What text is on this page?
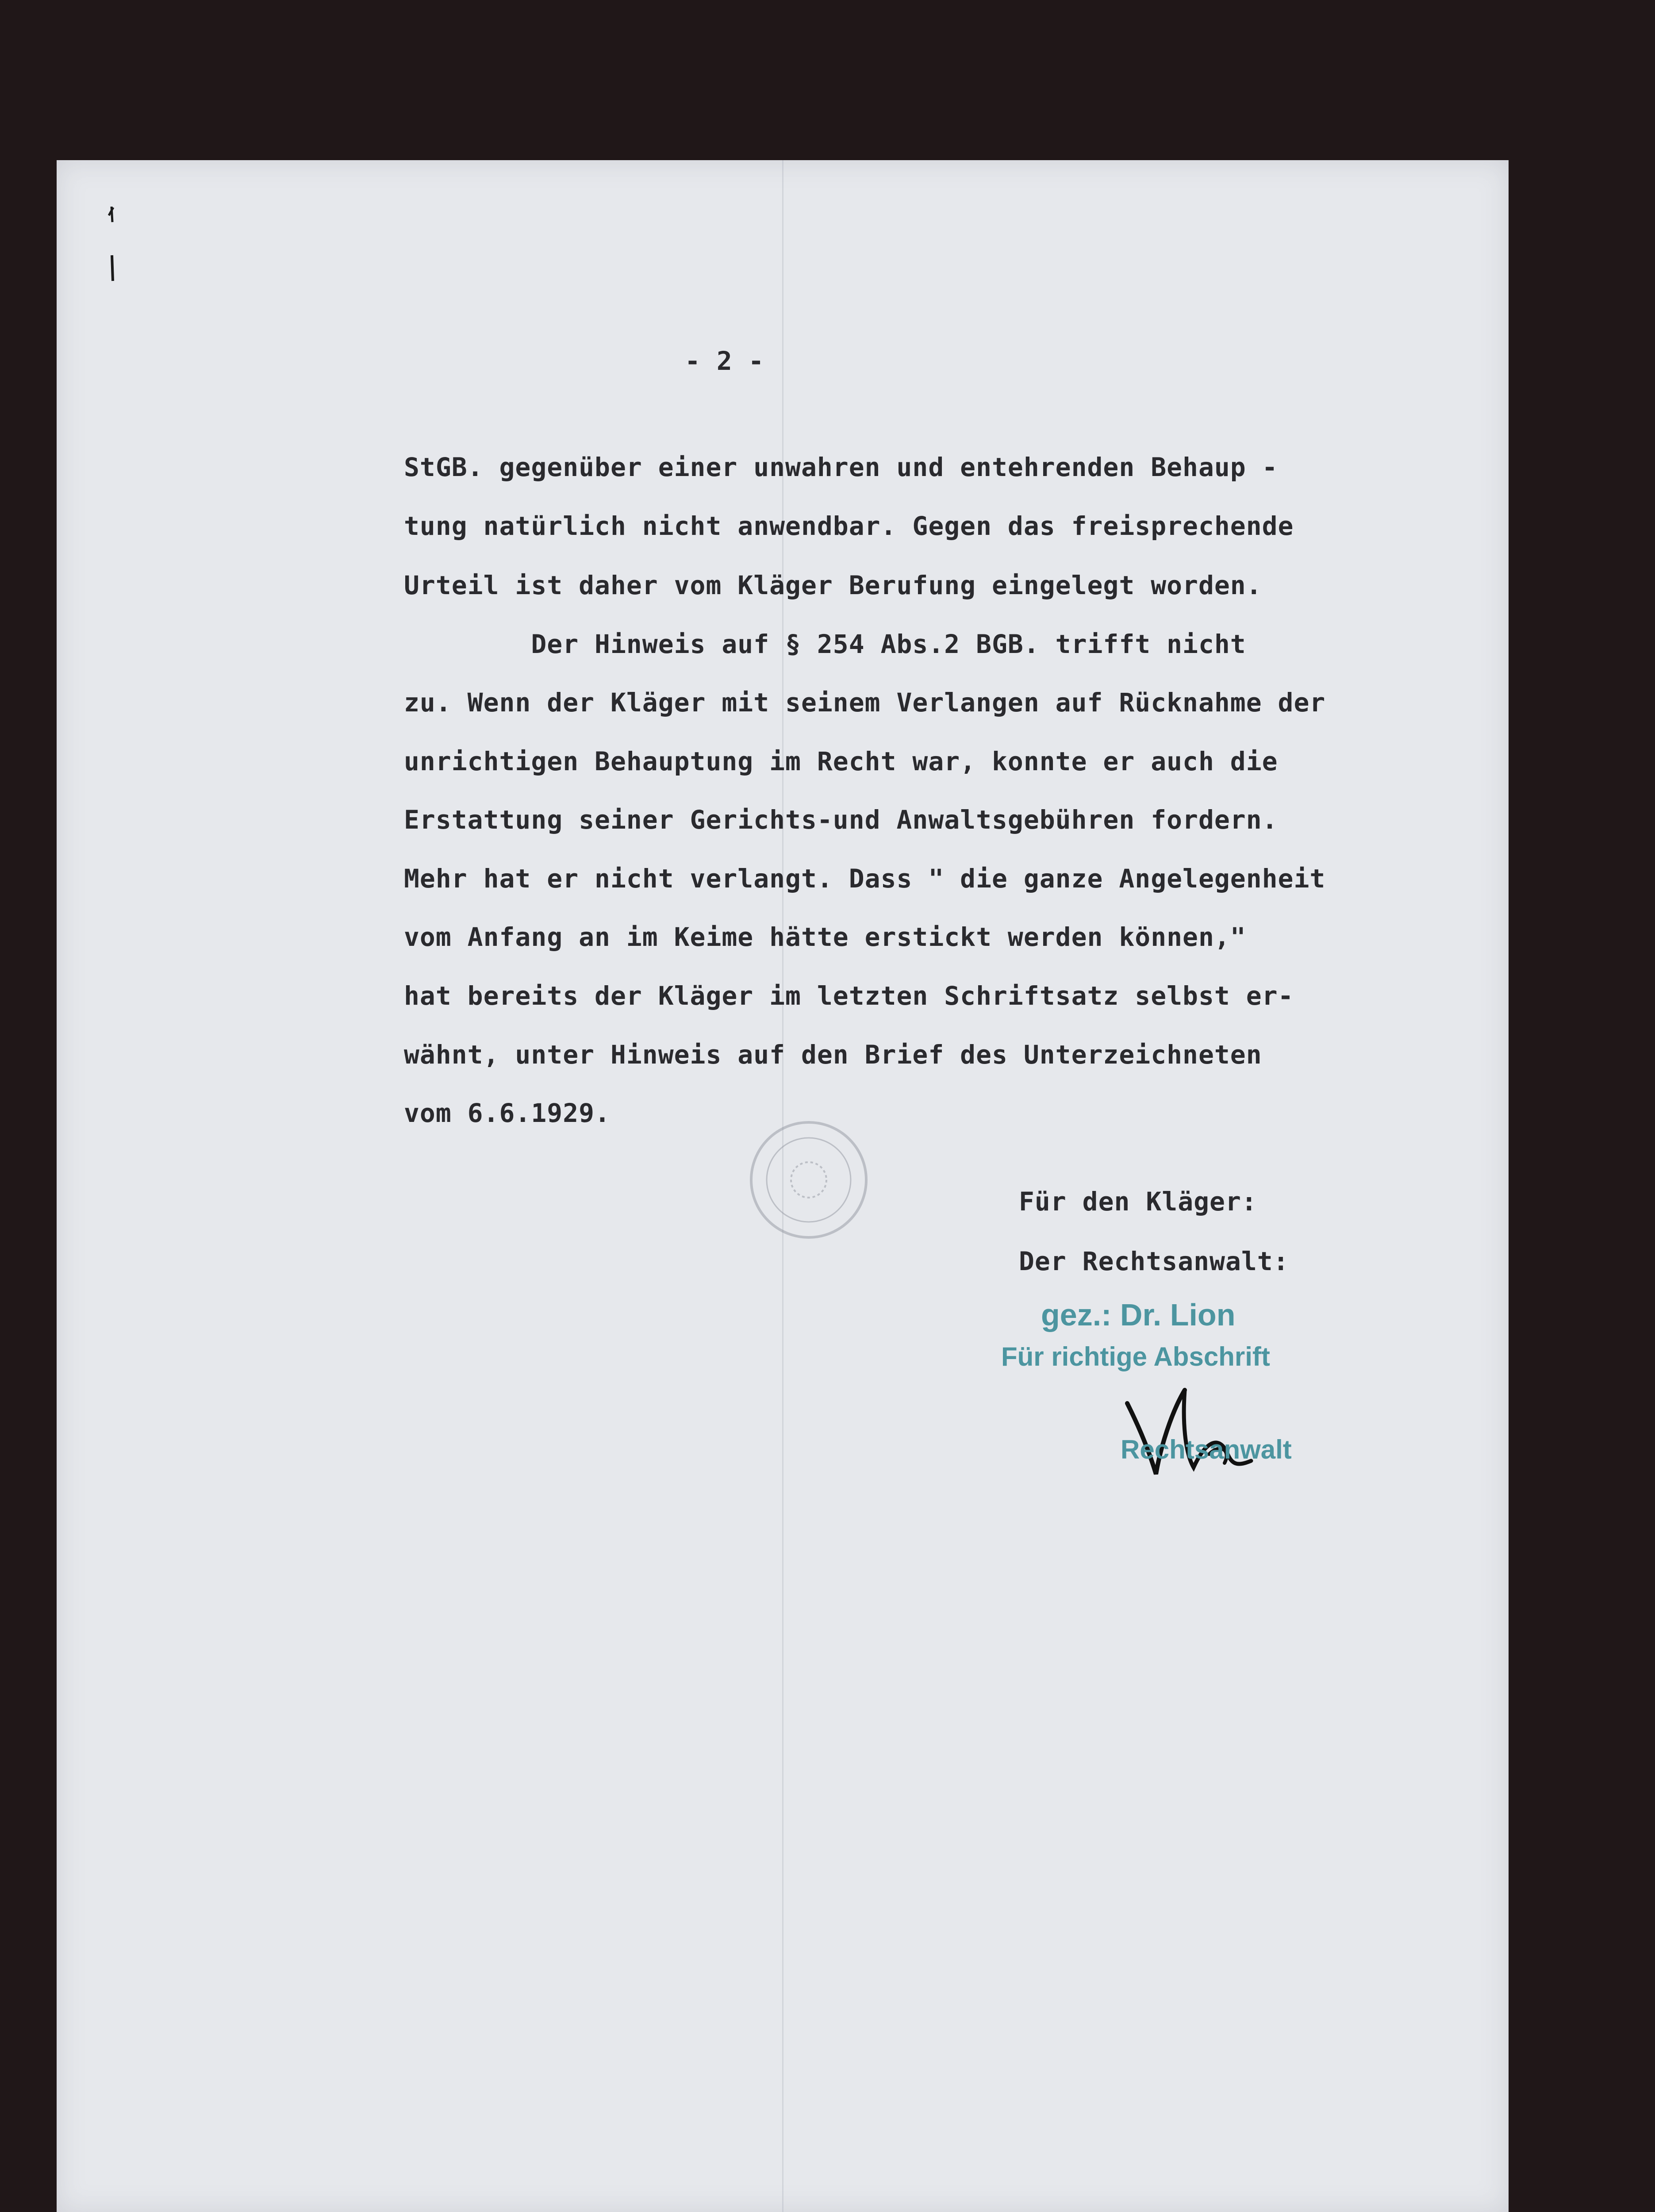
- 2 -
StGB. gegenüber einer unwahren und entehrenden Behaup -
tung natürlich nicht anwendbar. Gegen das freisprechende
Urteil ist daher vom Kläger Berufung eingelegt worden.
Der Hinweis auf § 254 Abs.2 BGB. trifft nicht
zu. Wenn der Kläger mit seinem Verlangen auf Rücknahme der
unrichtigen Behauptung im Recht war, konnte er auch die
Erstattung seiner Gerichts-und Anwaltsgebühren fordern.
Mehr hat er nicht verlangt. Dass " die ganze Angelegenheit
vom Anfang an im Keime hätte erstickt werden können,"
hat bereits der Kläger im letzten Schriftsatz selbst er-
wähnt, unter Hinweis auf den Brief des Unterzeichneten
vom 6.6.1929.
Für den Kläger:
Der Rechtsanwalt:
gez.: Dr. Lion
Für richtige Abschrift
Rechtsanwalt
